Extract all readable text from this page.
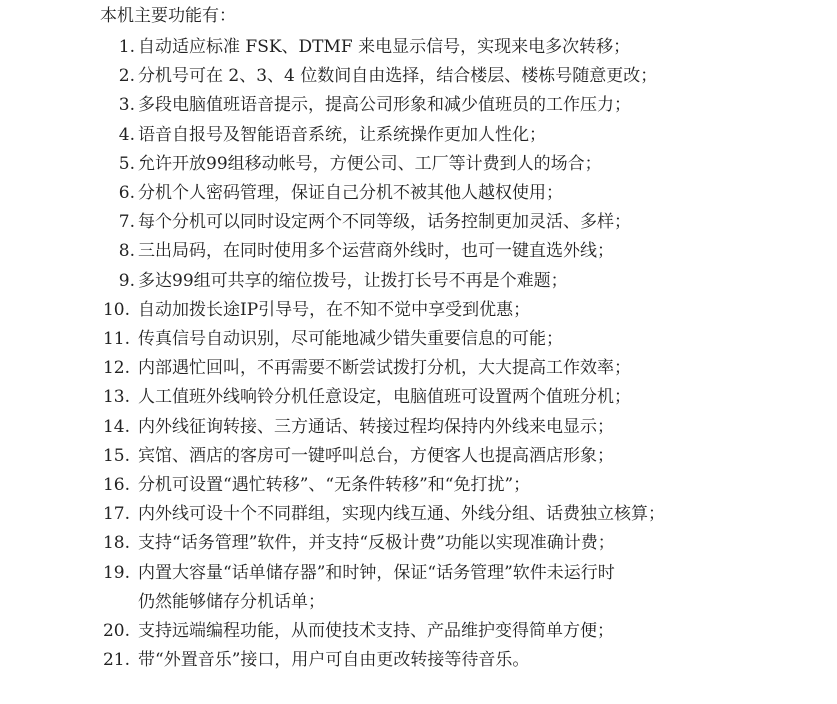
本机主要功能有：
1. 自动适应标准 FSK、DTMF 来电显示信号，实现来电多次转移；
2. 分机号可在 2、3、4 位数间自由选择，结合楼层、楼栋号随意更改；
3. 多段电脑值班语音提示，提高公司形象和减少值班员的工作压力；
4. 语音自报号及智能语音系统，让系统操作更加人性化；
5. 允许开放99组移动帐号，方便公司、工厂等计费到人的场合；
6. 分机个人密码管理，保证自己分机不被其他人越权使用；
7. 每个分机可以同时设定两个不同等级，话务控制更加灵活、多样；
8. 三出局码，在同时使用多个运营商外线时，也可一键直选外线；
9. 多达99组可共享的缩位拨号，让拨打长号不再是个难题；
10. 自动加拨长途IP引导号，在不知不觉中享受到优惠；
11. 传真信号自动识别，尽可能地减少错失重要信息的可能；
12. 内部遇忙回叫，不再需要不断尝试拨打分机，大大提高工作效率；
13. 人工值班外线响铃分机任意设定，电脑值班可设置两个值班分机；
14. 内外线征询转接、三方通话、转接过程均保持内外线来电显示；
15. 宾馆、酒店的客房可一键呼叫总台，方便客人也提高酒店形象；
16. 分机可设置“遇忙转移”、“无条件转移”和“免打扰”；
17. 内外线可设十个不同群组，实现内线互通、外线分组、话费独立核算；
18. 支持“话务管理”软件，并支持“反极计费”功能以实现准确计费；
19. 内置大容量“话单储存器”和时钟，保证“话务管理”软件未运行时
仍然能够储存分机话单；
20. 支持远端编程功能，从而使技术支持、产品维护变得简单方便；
21. 带“外置音乐”接口，用户可自由更改转接等待音乐。
